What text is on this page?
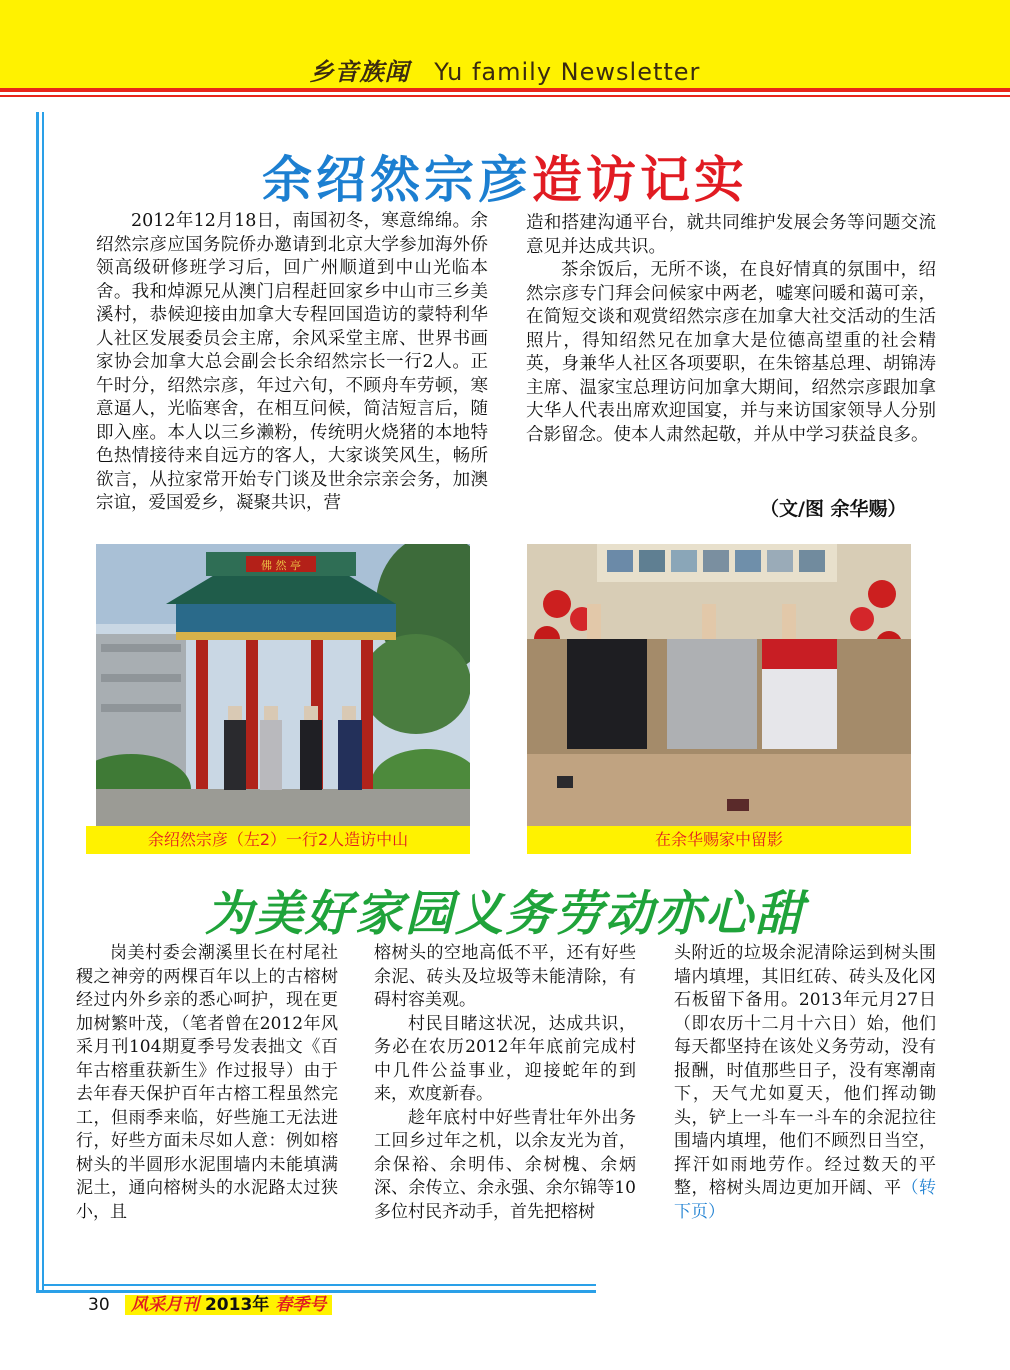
乡音族闻 Yu family Newsletter
余绍然宗彦造访记实

2012年12月18日，南国初冬，寒意绵绵。余绍然宗彦应国务院侨办邀请到北京大学参加海外侨领高级研修班学习后，回广州顺道到中山光临本舍。我和焯源兄从澳门启程赶回家乡中山市三乡美溪村，恭候迎接由加拿大专程回国造访的蒙特利华人社区发展委员会主席，余风采堂主席、世界书画家协会加拿大总会副会长余绍然宗长一行2人。正午时分，绍然宗彦，年过六旬，不顾舟车劳顿，寒意逼人，光临寒舍，在相互问候，简洁短言后，随即入座。本人以三乡濑粉，传统明火烧猪的本地特色热情接待来自远方的客人，大家谈笑风生，畅所欲言，从拉家常开始专门谈及世余宗亲会务，加澳宗谊，爱国爱乡，凝聚共识，营

造和搭建沟通平台，就共同维护发展会务等问题交流意见并达成共识。

茶余饭后，无所不谈，在良好情真的氛围中，绍然宗彦专门拜会问候家中两老，嘘寒问暖和蔼可亲，在简短交谈和观赏绍然宗彦在加拿大社交活动的生活照片，得知绍然兄在加拿大是位德高望重的社会精英，身兼华人社区各项要职，在朱镕基总理、胡锦涛主席、温家宝总理访问加拿大期间，绍然宗彦跟加拿大华人代表出席欢迎国宴，并与来访国家领导人分别合影留念。使本人肃然起敬，并从中学习获益良多。

（文/图 余华赐）
佛 然 亭
余绍然宗彦（左2）一行2人造访中山	在余华赐家中留影
为美好家园义务劳动亦心甜

岗美村委会潮溪里长在村尾社稷之神旁的两棵百年以上的古榕树经过内外乡亲的悉心呵护，现在更加树繁叶茂，（笔者曾在2012年风采月刊104期夏季号发表拙文《百年古榕重获新生》作过报导）由于去年春天保护百年古榕工程虽然完工，但雨季来临，好些施工无法进行，好些方面未尽如人意：例如榕树头的半圆形水泥围墙内未能填满泥土，通向榕树头的水泥路太过狭小，且

榕树头的空地高低不平，还有好些余泥、砖头及垃圾等未能清除，有碍村容美观。

村民目睹这状况，达成共识，务必在农历2012年年底前完成村中几件公益事业，迎接蛇年的到来，欢度新春。

趁年底村中好些青壮年外出务工回乡过年之机，以余友光为首，余保裕、余明伟、余树槐、余炳深、余传立、余永强、余尔锦等10多位村民齐动手，首先把榕树

头附近的垃圾余泥清除运到树头围墙内填埋，其旧红砖、砖头及化冈石板留下备用。2013年元月27日（即农历十二月十六日）始，他们每天都坚持在该处义务劳动，没有报酬，时值那些日子，没有寒潮南下，天气尤如夏天，他们挥动锄头，铲上一斗车一斗车的余泥拉往围墙内填埋，他们不顾烈日当空，挥汗如雨地劳作。经过数天的平整，榕树头周边更加开阔、平（转下页）

30 风采月刊 2013年 春季号
